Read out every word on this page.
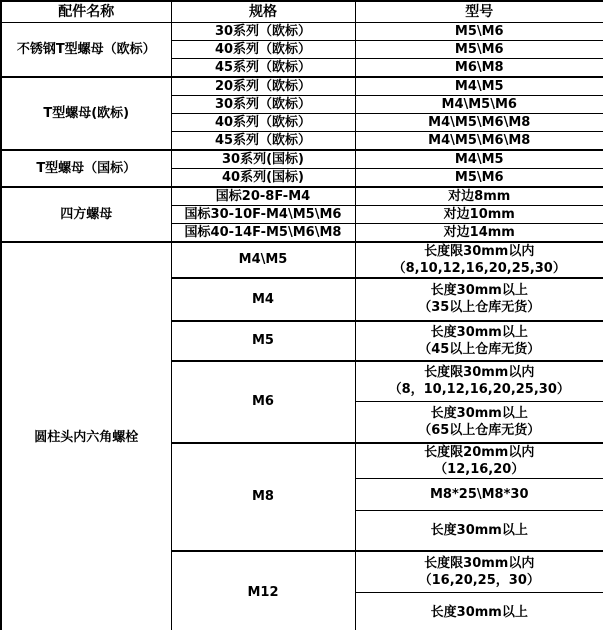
配件名称	规格	型号
不锈钢T型螺母（欧标）	30系列（欧标）	M5\M6
	40系列（欧标）	M5\M6
	45系列（欧标）	M6\M8
T型螺母(欧标)	20系列（欧标）	M4\M5
	30系列（欧标）	M4\M5\M6
	40系列（欧标）	M4\M5\M6\M8
	45系列（欧标）	M4\M5\M6\M8
T型螺母（国标）	30系列(国标)	M4\M5
	40系列(国标)	M5\M6
四方螺母	国标20-8F-M4	对边8mm
	国标30-10F-M4\M5\M6	对边10mm
	国标40-14F-M5\M6\M8	对边14mm
圆柱头内六角螺栓	M4\M5	长度限30mm以内
（8,10,12,16,20,25,30）

	M4	长度30mm以上
（35以上仓库无货）

	M5	长度30mm以上
（45以上仓库无货）

	M6	长度限30mm以内
（8，10,12,16,20,25,30）

		长度30mm以上
（65以上仓库无货）

	M8	长度限20mm以内
（12,16,20）

		M8*25\M8*30

		长度30mm以上

	M12	长度限30mm以内
（16,20,25，30）

		长度30mm以上
